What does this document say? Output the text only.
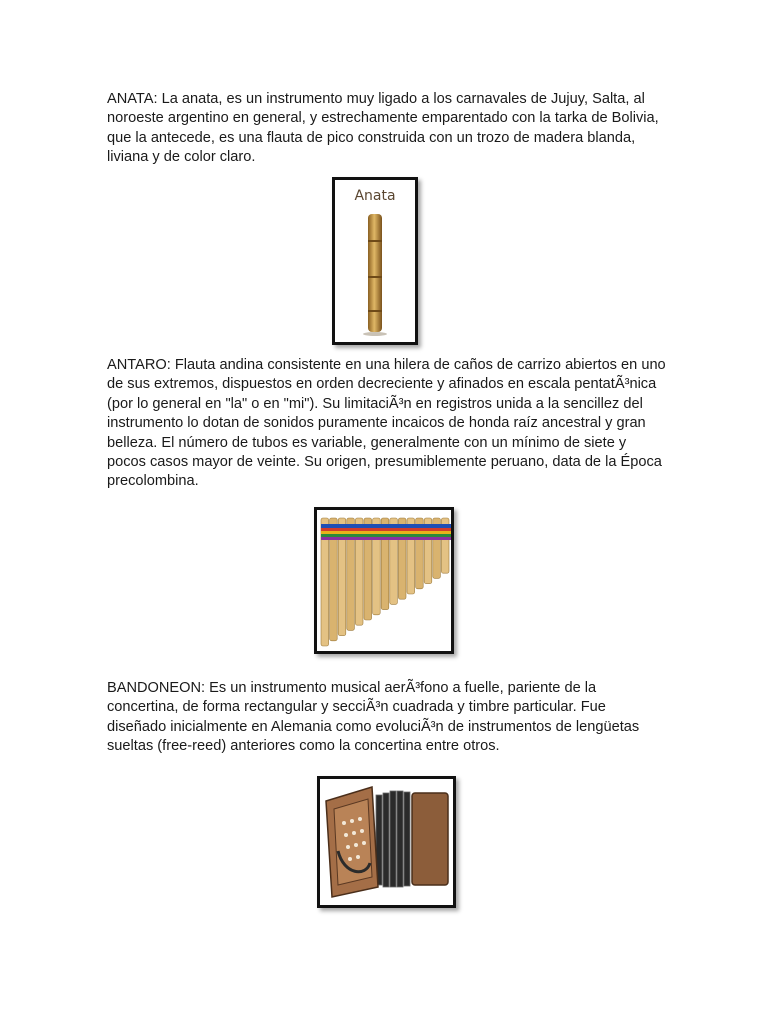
ANATA: La anata, es un instrumento muy ligado a los carnavales de Jujuy, Salta, al noroeste argentino en general, y estrechamente emparentado con la tarka de Bolivia, que la antecede, es una flauta de pico construida con un trozo de madera blanda, liviana y de color claro.

Anata

ANTARO: Flauta andina consistente en una hilera de caños de carrizo abiertos en uno de sus extremos, dispuestos en orden decreciente y afinados en escala pentatÃ³nica (por lo general en "la" o en "mi"). Su limitaciÃ³n en registros unida a la sencillez del instrumento lo dotan de sonidos puramente incaicos de honda raíz ancestral y gran belleza. El número de tubos es variable, generalmente con un mínimo de siete y pocos casos mayor de veinte. Su origen, presumiblemente peruano, data de la Época precolombina.

BANDONEON: Es un instrumento musical aerÃ³fono a fuelle, pariente de la concertina, de forma rectangular y secciÃ³n cuadrada y timbre particular. Fue diseñado inicialmente en Alemania como evoluciÃ³n de instrumentos de lengüetas sueltas (free-reed) anteriores como la concertina entre otros.
